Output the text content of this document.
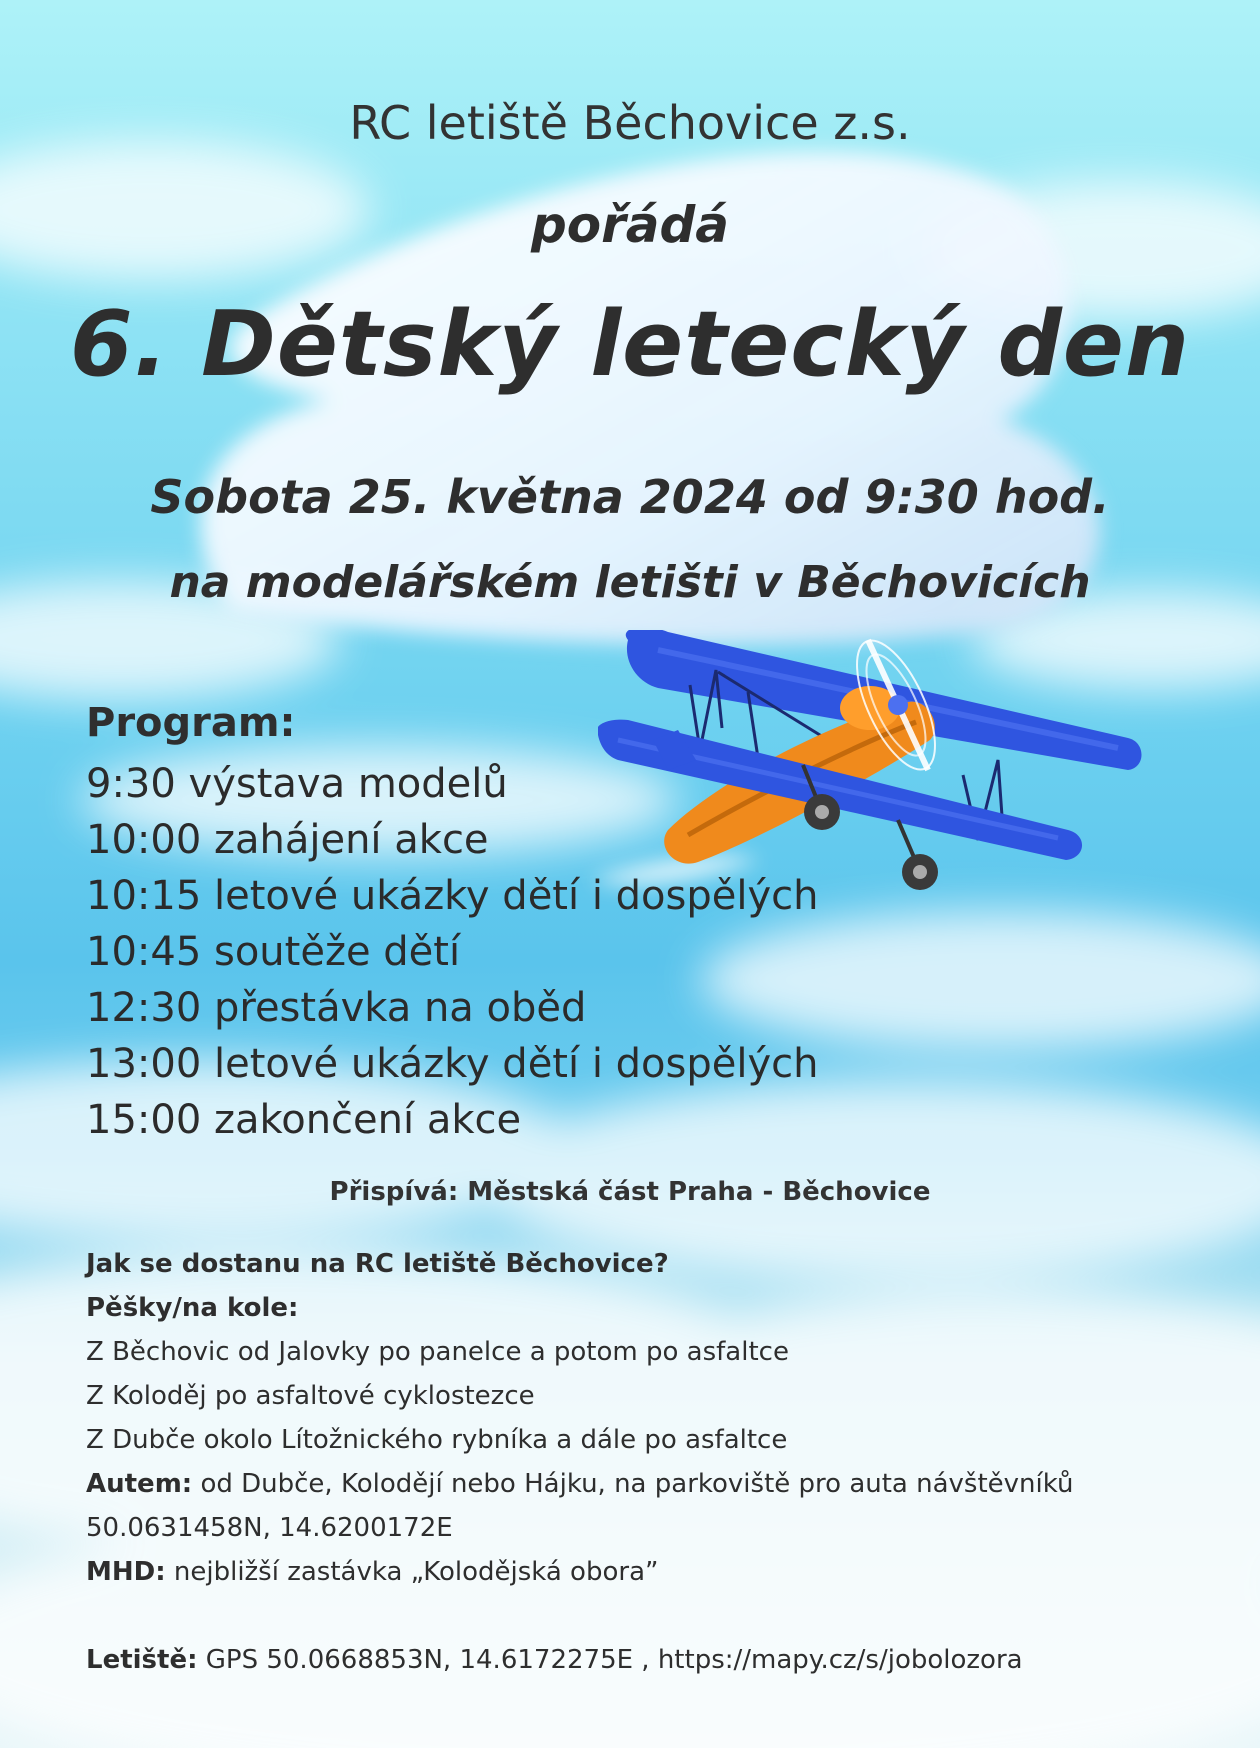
RC letiště Běchovice z.s.
pořádá
6. Dětský letecký den
Sobota 25. května 2024 od 9:30 hod.
na modelářském letišti v Běchovicích
Program:
9:30 výstava modelů
10:00 zahájení akce
10:15 letové ukázky dětí i dospělých
10:45 soutěže dětí
12:30 přestávka na oběd
13:00 letové ukázky dětí i dospělých
15:00 zakončení akce
Přispívá: Městská část Praha - Běchovice
Jak se dostanu na RC letiště Běchovice?
Pěšky/na kole:
Z Běchovic od Jalovky po panelce a potom po asfaltce
Z Koloděj po asfaltové cyklostezce
Z Dubče okolo Lítožnického rybníka a dále po asfaltce
Autem: od Dubče, Kolodějí nebo Hájku, na parkoviště pro auta návštěvníků
50.0631458N, 14.6200172E
MHD: nejbližší zastávka „Kolodějská obora”
Letiště: GPS 50.0668853N, 14.6172275E , https://mapy.cz/s/jobolozora
